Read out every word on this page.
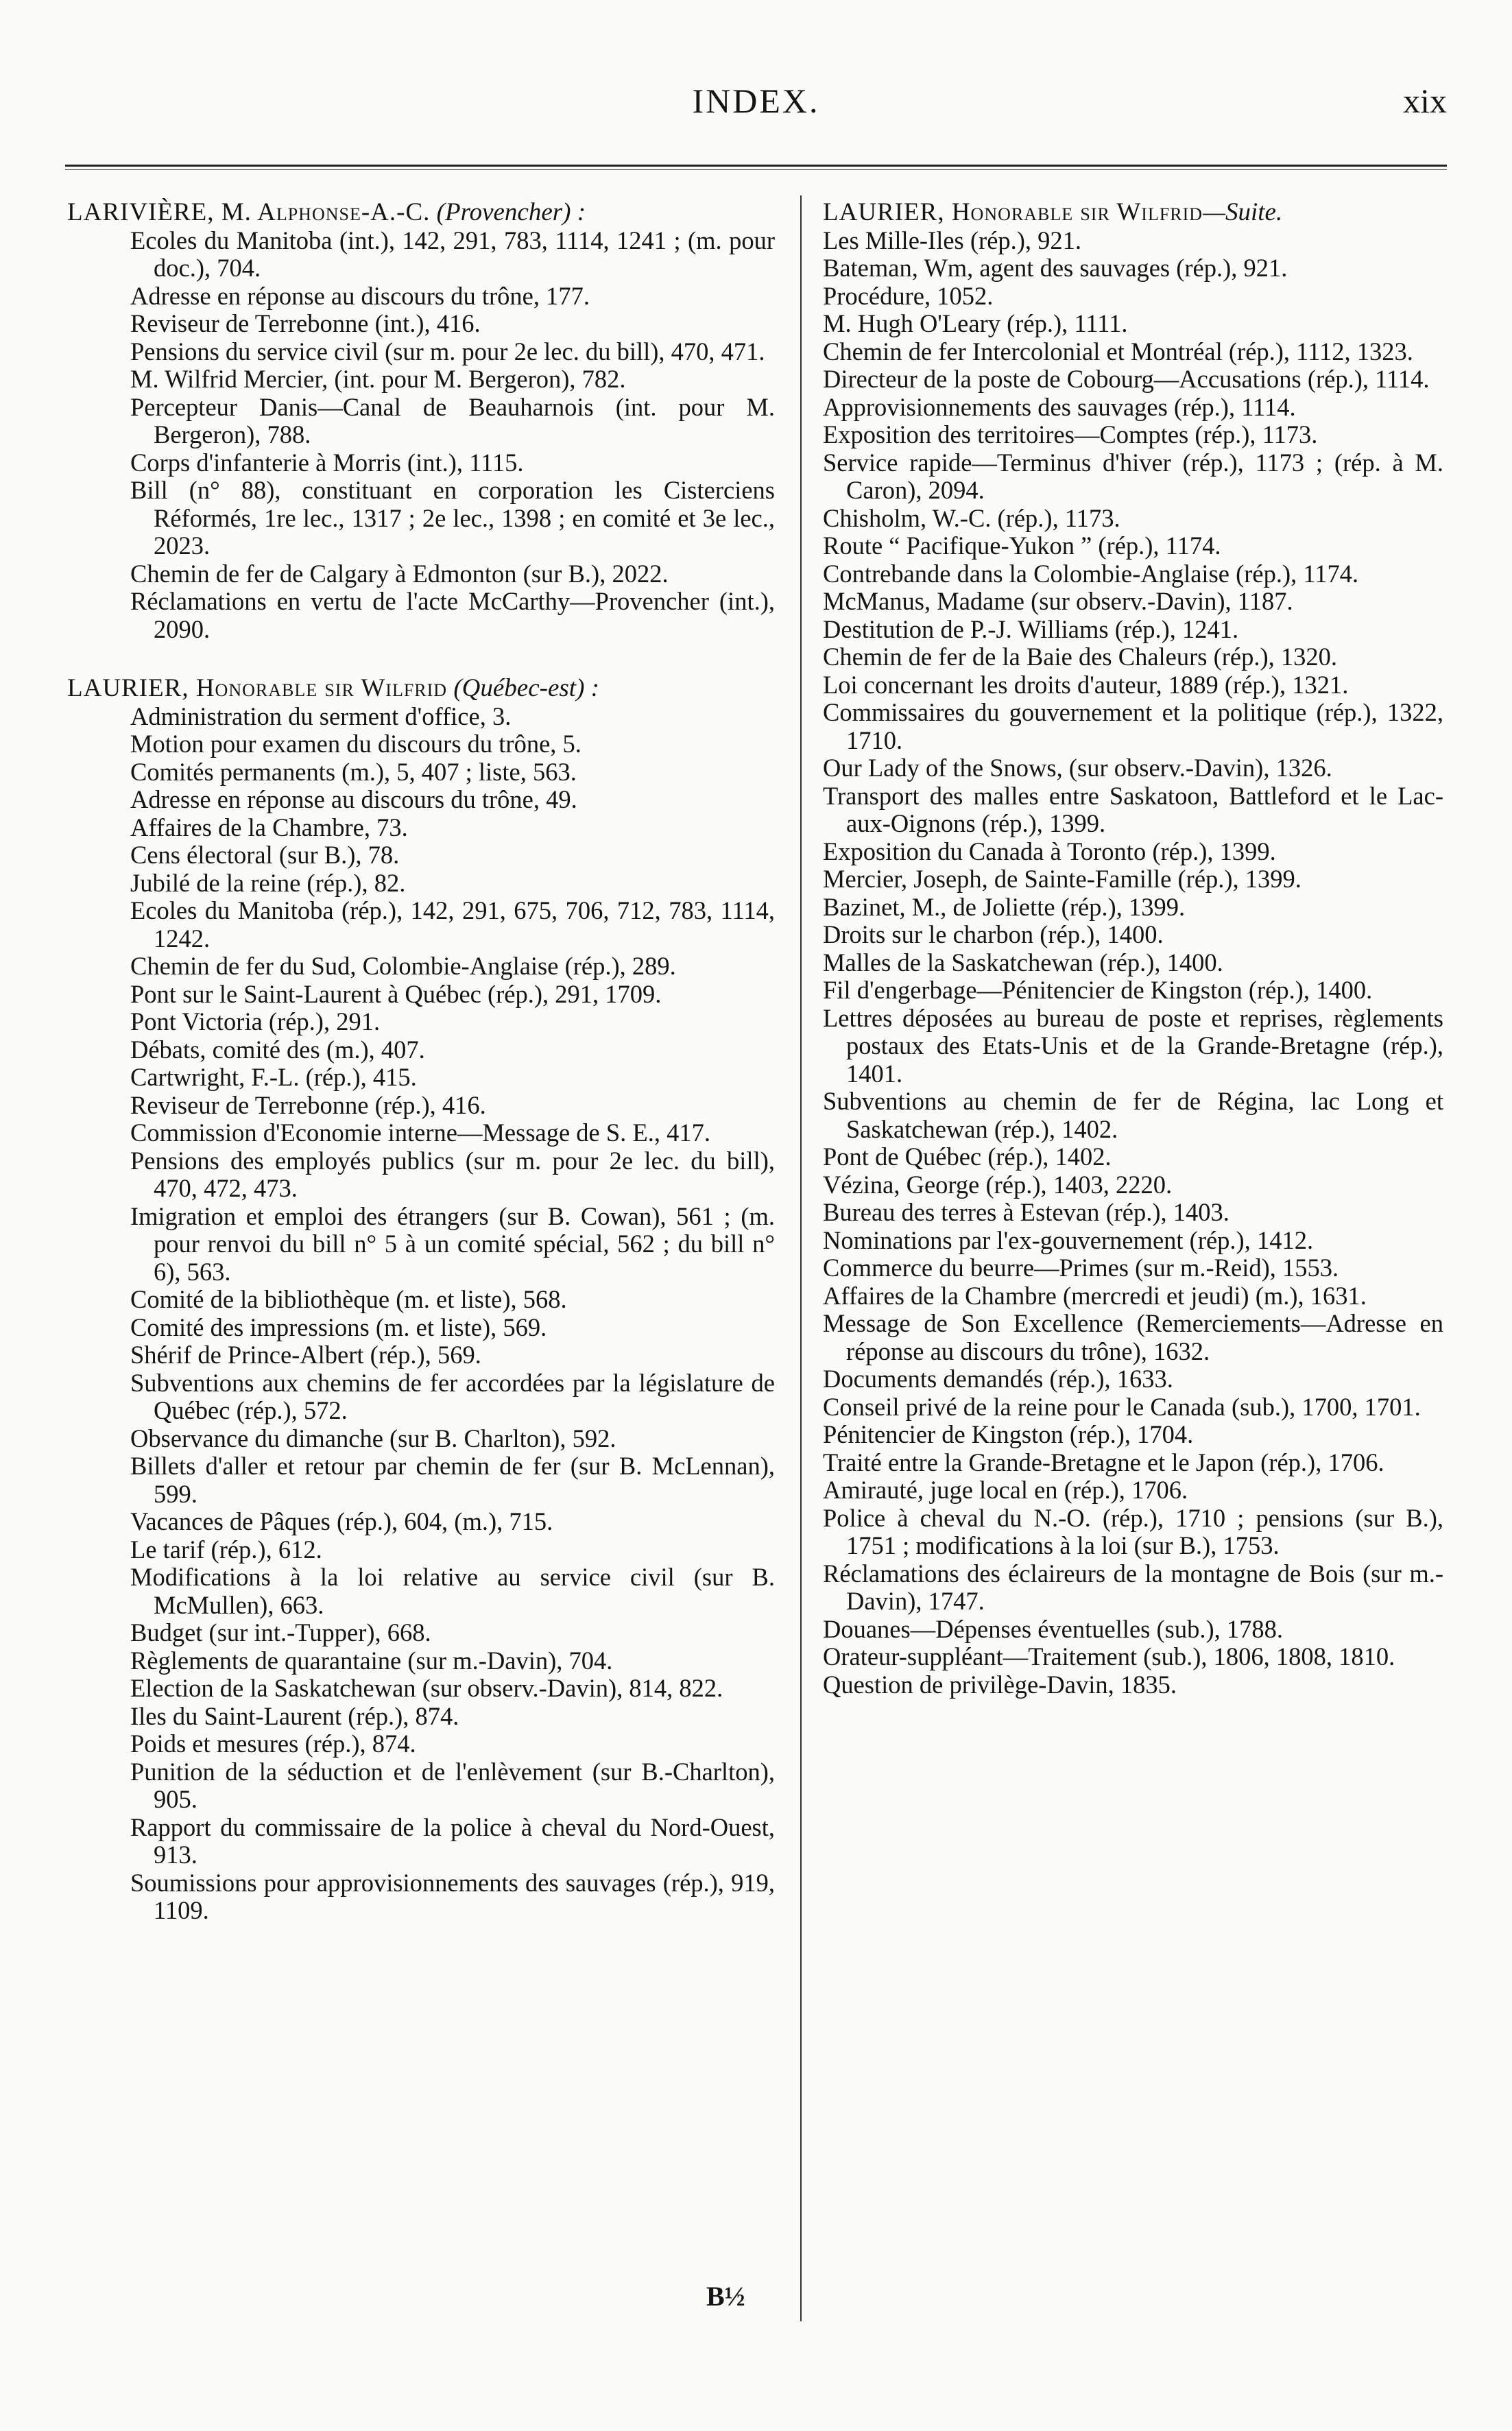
INDEX.	xix

LARIVIÈRE, M. Alphonse-A.-C. (Provencher) :

Ecoles du Manitoba (int.), 142, 291, 783, 1114, 1241 ; (m. pour doc.), 704.
Adresse en réponse au discours du trône, 177.
Reviseur de Terrebonne (int.), 416.
Pensions du service civil (sur m. pour 2e lec. du bill), 470, 471.
M. Wilfrid Mercier, (int. pour M. Bergeron), 782.
Percepteur Danis—Canal de Beauharnois (int. pour M. Bergeron), 788.
Corps d'infanterie à Morris (int.), 1115.
Bill (n° 88), constituant en corporation les Cisterciens Réformés, 1re lec., 1317 ; 2e lec., 1398 ; en comité et 3e lec., 2023.
Chemin de fer de Calgary à Edmonton (sur B.), 2022.
Réclamations en vertu de l'acte McCarthy—Provencher (int.), 2090.

LAURIER, Honorable sir Wilfrid (Québec-est) :

Administration du serment d'office, 3.
Motion pour examen du discours du trône, 5.
Comités permanents (m.), 5, 407 ; liste, 563.
Adresse en réponse au discours du trône, 49.
Affaires de la Chambre, 73.
Cens électoral (sur B.), 78.
Jubilé de la reine (rép.), 82.
Ecoles du Manitoba (rép.), 142, 291, 675, 706, 712, 783, 1114, 1242.
Chemin de fer du Sud, Colombie-Anglaise (rép.), 289.
Pont sur le Saint-Laurent à Québec (rép.), 291, 1709.
Pont Victoria (rép.), 291.
Débats, comité des (m.), 407.
Cartwright, F.-L. (rép.), 415.
Reviseur de Terrebonne (rép.), 416.
Commission d'Economie interne—Message de S. E., 417.
Pensions des employés publics (sur m. pour 2e lec. du bill), 470, 472, 473.
Imigration et emploi des étrangers (sur B. Cowan), 561 ; (m. pour renvoi du bill n° 5 à un comité spécial, 562 ; du bill n° 6), 563.
Comité de la bibliothèque (m. et liste), 568.
Comité des impressions (m. et liste), 569.
Shérif de Prince-Albert (rép.), 569.
Subventions aux chemins de fer accordées par la législature de Québec (rép.), 572.
Observance du dimanche (sur B. Charlton), 592.
Billets d'aller et retour par chemin de fer (sur B. McLennan), 599.
Vacances de Pâques (rép.), 604, (m.), 715.
Le tarif (rép.), 612.
Modifications à la loi relative au service civil (sur B. McMullen), 663.
Budget (sur int.-Tupper), 668.
Règlements de quarantaine (sur m.-Davin), 704.
Election de la Saskatchewan (sur observ.-Davin), 814, 822.
Iles du Saint-Laurent (rép.), 874.
Poids et mesures (rép.), 874.
Punition de la séduction et de l'enlèvement (sur B.-Charlton), 905.
Rapport du commissaire de la police à cheval du Nord-Ouest, 913.
Soumissions pour approvisionnements des sauvages (rép.), 919, 1109.

LAURIER, Honorable sir Wilfrid—Suite.

Les Mille-Iles (rép.), 921.
Bateman, Wm, agent des sauvages (rép.), 921.
Procédure, 1052.
M. Hugh O'Leary (rép.), 1111.
Chemin de fer Intercolonial et Montréal (rép.), 1112, 1323.
Directeur de la poste de Cobourg—Accusations (rép.), 1114.
Approvisionnements des sauvages (rép.), 1114.
Exposition des territoires—Comptes (rép.), 1173.
Service rapide—Terminus d'hiver (rép.), 1173 ; (rép. à M. Caron), 2094.
Chisholm, W.-C. (rép.), 1173.
Route “ Pacifique-Yukon ” (rép.), 1174.
Contrebande dans la Colombie-Anglaise (rép.), 1174.
McManus, Madame (sur observ.-Davin), 1187.
Destitution de P.-J. Williams (rép.), 1241.
Chemin de fer de la Baie des Chaleurs (rép.), 1320.
Loi concernant les droits d'auteur, 1889 (rép.), 1321.
Commissaires du gouvernement et la politique (rép.), 1322, 1710.
Our Lady of the Snows, (sur observ.-Davin), 1326.
Transport des malles entre Saskatoon, Battleford et le Lac-aux-Oignons (rép.), 1399.
Exposition du Canada à Toronto (rép.), 1399.
Mercier, Joseph, de Sainte-Famille (rép.), 1399.
Bazinet, M., de Joliette (rép.), 1399.
Droits sur le charbon (rép.), 1400.
Malles de la Saskatchewan (rép.), 1400.
Fil d'engerbage—Pénitencier de Kingston (rép.), 1400.
Lettres déposées au bureau de poste et reprises, règlements postaux des Etats-Unis et de la Grande-Bretagne (rép.), 1401.
Subventions au chemin de fer de Régina, lac Long et Saskatchewan (rép.), 1402.
Pont de Québec (rép.), 1402.
Vézina, George (rép.), 1403, 2220.
Bureau des terres à Estevan (rép.), 1403.
Nominations par l'ex-gouvernement (rép.), 1412.
Commerce du beurre—Primes (sur m.-Reid), 1553.
Affaires de la Chambre (mercredi et jeudi) (m.), 1631.
Message de Son Excellence (Remerciements—Adresse en réponse au discours du trône), 1632.
Documents demandés (rép.), 1633.
Conseil privé de la reine pour le Canada (sub.), 1700, 1701.
Pénitencier de Kingston (rép.), 1704.
Traité entre la Grande-Bretagne et le Japon (rép.), 1706.
Amirauté, juge local en (rép.), 1706.
Police à cheval du N.-O. (rép.), 1710 ; pensions (sur B.), 1751 ; modifications à la loi (sur B.), 1753.
Réclamations des éclaireurs de la montagne de Bois (sur m.-Davin), 1747.
Douanes—Dépenses éventuelles (sub.), 1788.
Orateur-suppléant—Traitement (sub.), 1806, 1808, 1810.
Question de privilège-Davin, 1835.
B½
